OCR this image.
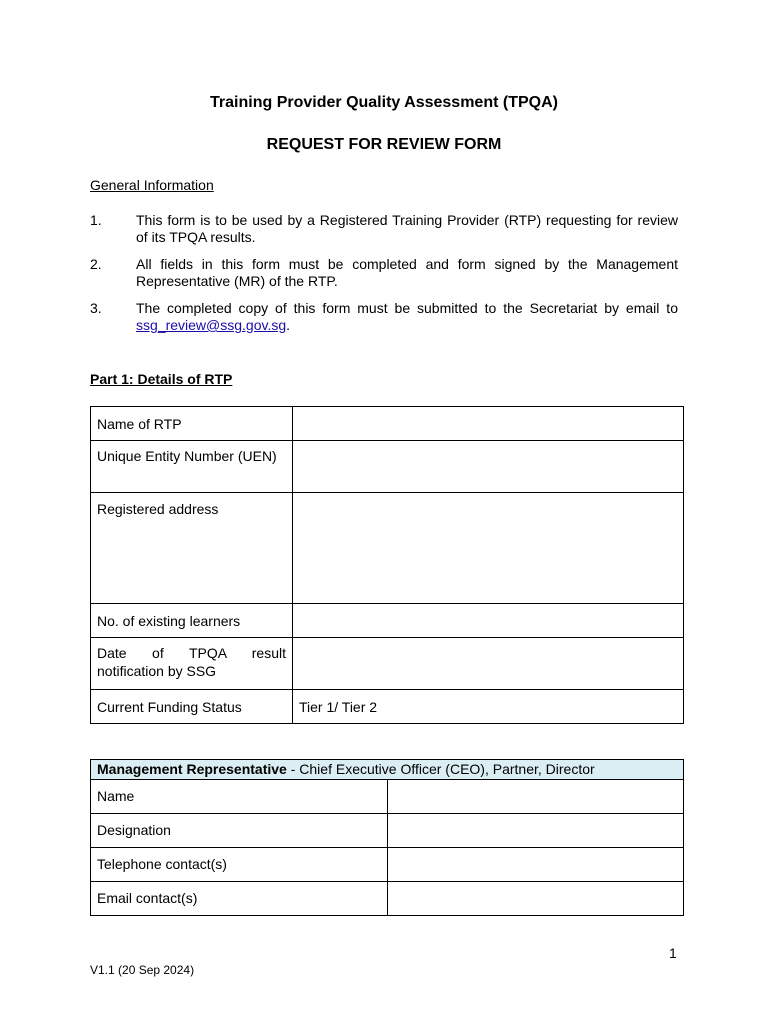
Training Provider Quality Assessment (TPQA)
REQUEST FOR REVIEW FORM
General Information
1. This form is to be used by a Registered Training Provider (RTP) requesting for review of its TPQA results.
2. All fields in this form must be completed and form signed by the Management Representative (MR) of the RTP.
3. The completed copy of this form must be submitted to the Secretariat by email to ssg_review@ssg.gov.sg.
Part 1: Details of RTP
Name of RTP	
Unique Entity Number (UEN)	
Registered address	
No. of existing learners	
Date of TPQA result notification by SSG	
Current Funding Status	Tier 1/ Tier 2
Management Representative - Chief Executive Officer (CEO), Partner, Director	
Name	
Designation	
Telephone contact(s)	
Email contact(s)	
1
V1.1 (20 Sep 2024)
